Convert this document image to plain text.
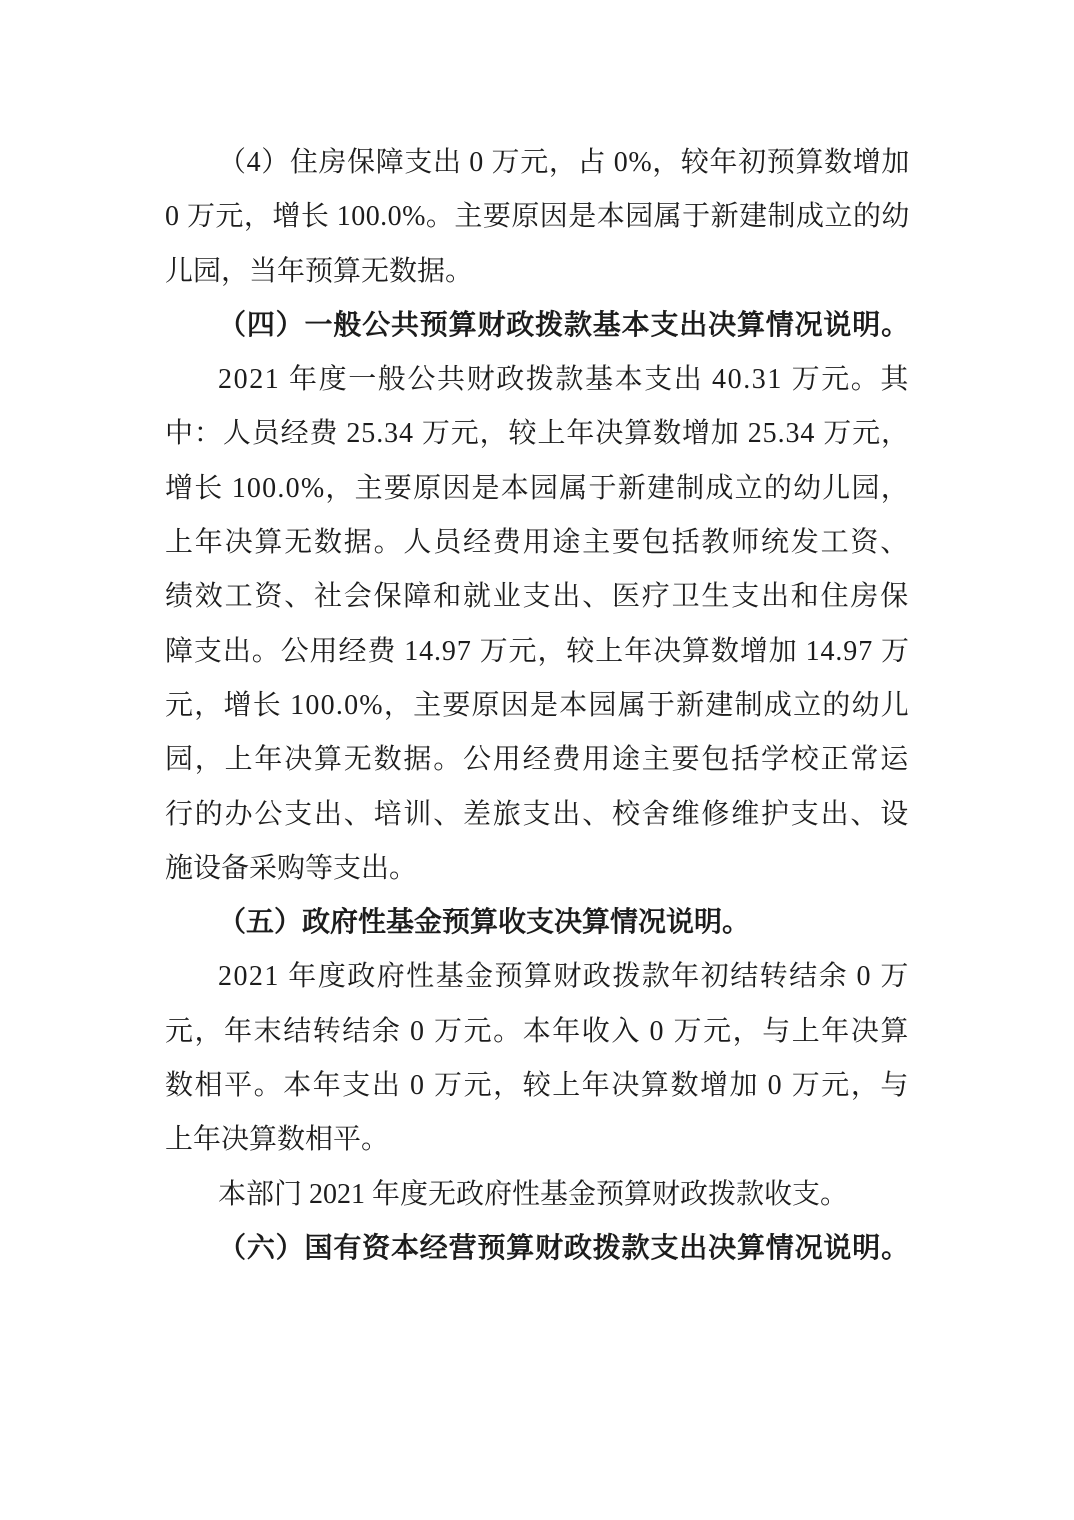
（4）住房保障支出 0 万元，占 0%，较年初预算数增加
0 万元，增长 100.0%。主要原因是本园属于新建制成立的幼
儿园，当年预算无数据。
（四）一般公共预算财政拨款基本支出决算情况说明。
2021 年度一般公共财政拨款基本支出 40.31 万元。其
中：人员经费 25.34 万元，较上年决算数增加 25.34 万元，
增长 100.0%，主要原因是本园属于新建制成立的幼儿园，
上年决算无数据。人员经费用途主要包括教师统发工资、
绩效工资、社会保障和就业支出、医疗卫生支出和住房保
障支出。公用经费 14.97 万元，较上年决算数增加 14.97 万
元，增长 100.0%，主要原因是本园属于新建制成立的幼儿
园，上年决算无数据。公用经费用途主要包括学校正常运
行的办公支出、培训、差旅支出、校舍维修维护支出、设
施设备采购等支出。
（五）政府性基金预算收支决算情况说明。
2021 年度政府性基金预算财政拨款年初结转结余 0 万
元，年末结转结余 0 万元。本年收入 0 万元，与上年决算
数相平。本年支出 0 万元，较上年决算数增加 0 万元，与
上年决算数相平。
本部门 2021 年度无政府性基金预算财政拨款收支。
（六）国有资本经营预算财政拨款支出决算情况说明。
